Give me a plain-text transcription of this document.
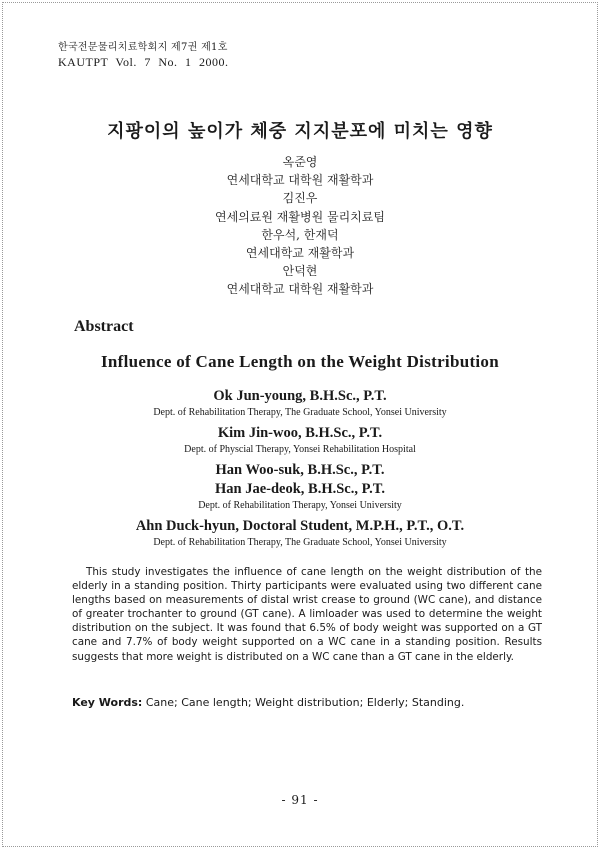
한국전문물리치료학회지 제7권 제1호
KAUTPT Vol. 7 No. 1 2000.
지팡이의 높이가 체중 지지분포에 미치는 영향
옥준영
연세대학교 대학원 재활학과
김진우
연세의료원 재활병원 물리치료팀
한우석, 한재덕
연세대학교 재활학과
안덕현
연세대학교 대학원 재활학과
Abstract
Influence of Cane Length on the Weight Distribution
Ok Jun-young, B.H.Sc., P.T.
Dept. of Rehabilitation Therapy, The Graduate School, Yonsei University
Kim Jin-woo, B.H.Sc., P.T.
Dept. of Physcial Therapy, Yonsei Rehabilitation Hospital
Han Woo-suk, B.H.Sc., P.T.
Han Jae-deok, B.H.Sc., P.T.
Dept. of Rehabilitation Therapy, Yonsei University
Ahn Duck-hyun, Doctoral Student, M.P.H., P.T., O.T.
Dept. of Rehabilitation Therapy, The Graduate School, Yonsei University

This study investigates the influence of cane length on the weight distribution of the elderly in a standing position. Thirty participants were evaluated using two different cane lengths based on measurements of distal wrist crease to ground (WC cane), and distance of greater trochanter to ground (GT cane). A limloader was used to determine the weight distribution on the subject. It was found that 6.5% of body weight was supported on a GT cane and 7.7% of body weight supported on a WC cane in a standing position. Results suggests that more weight is distributed on a WC cane than a GT cane in the elderly.

Key Words: Cane; Cane length; Weight distribution; Elderly; Standing.
- 91 -
